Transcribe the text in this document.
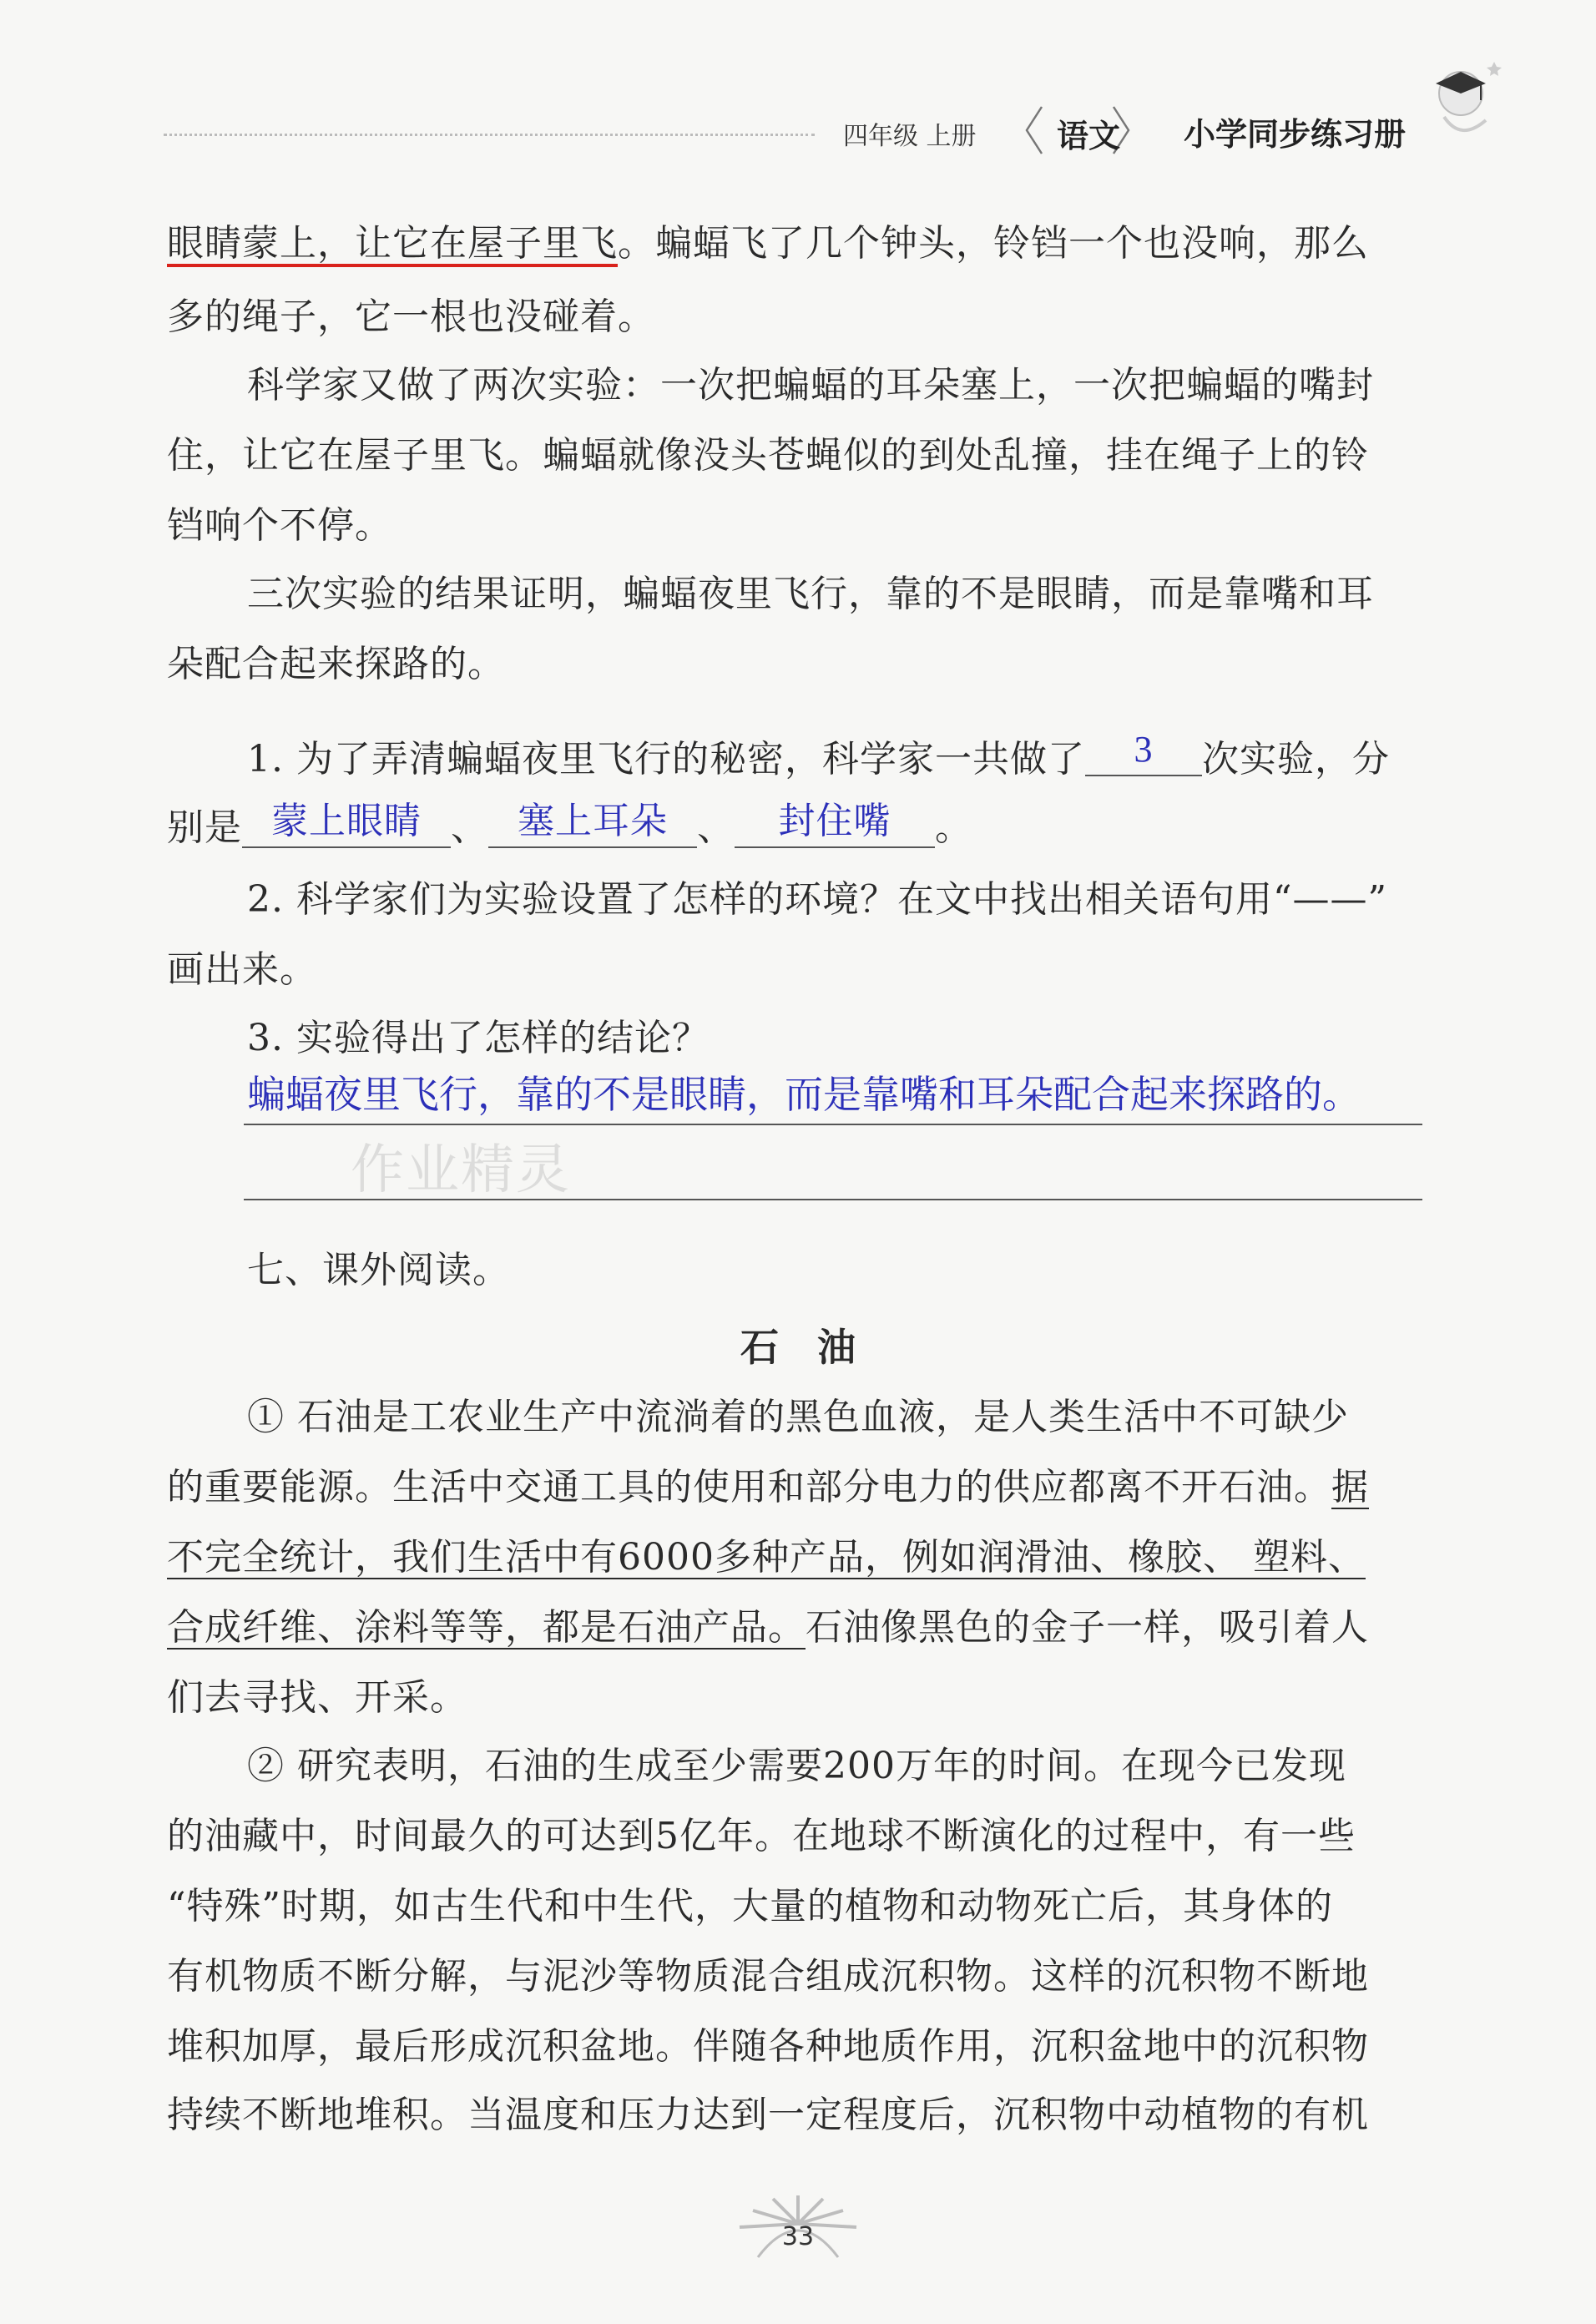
四年级 上册	语文 小学同步练习册
眼睛蒙上，让它在屋子里飞。蝙蝠飞了几个钟头，铃铛一个也没响，那么
多的绳子，它一根也没碰着。
科学家又做了两次实验：一次把蝙蝠的耳朵塞上，一次把蝙蝠的嘴封
住，让它在屋子里飞。蝙蝠就像没头苍蝇似的到处乱撞，挂在绳子上的铃
铛响个不停。
三次实验的结果证明，蝙蝠夜里飞行，靠的不是眼睛，而是靠嘴和耳
朵配合起来探路的。
1. 为了弄清蝙蝠夜里飞行的秘密，科学家一共做了 3 次实验，分
别是 蒙上眼睛 、 塞上耳朵 、 封住嘴 。
2. 科学家们为实验设置了怎样的环境？在文中找出相关语句用“——”
画出来。
3. 实验得出了怎样的结论？
蝙蝠夜里飞行，靠的不是眼睛，而是靠嘴和耳朵配合起来探路的。
作业精灵
七、课外阅读。
石　油
① 石油是工农业生产中流淌着的黑色血液，是人类生活中不可缺少
的重要能源。生活中交通工具的使用和部分电力的供应都离不开石油。据
不完全统计，我们生活中有6000多种产品，例如润滑油、橡胶、 塑料、
合成纤维、涂料等等，都是石油产品。石油像黑色的金子一样，吸引着人
们去寻找、开采。
② 研究表明，石油的生成至少需要200万年的时间。在现今已发现
的油藏中，时间最久的可达到5亿年。在地球不断演化的过程中，有一些
“特殊”时期，如古生代和中生代，大量的植物和动物死亡后，其身体的
有机物质不断分解，与泥沙等物质混合组成沉积物。这样的沉积物不断地
堆积加厚，最后形成沉积盆地。伴随各种地质作用，沉积盆地中的沉积物
持续不断地堆积。当温度和压力达到一定程度后，沉积物中动植物的有机
33
